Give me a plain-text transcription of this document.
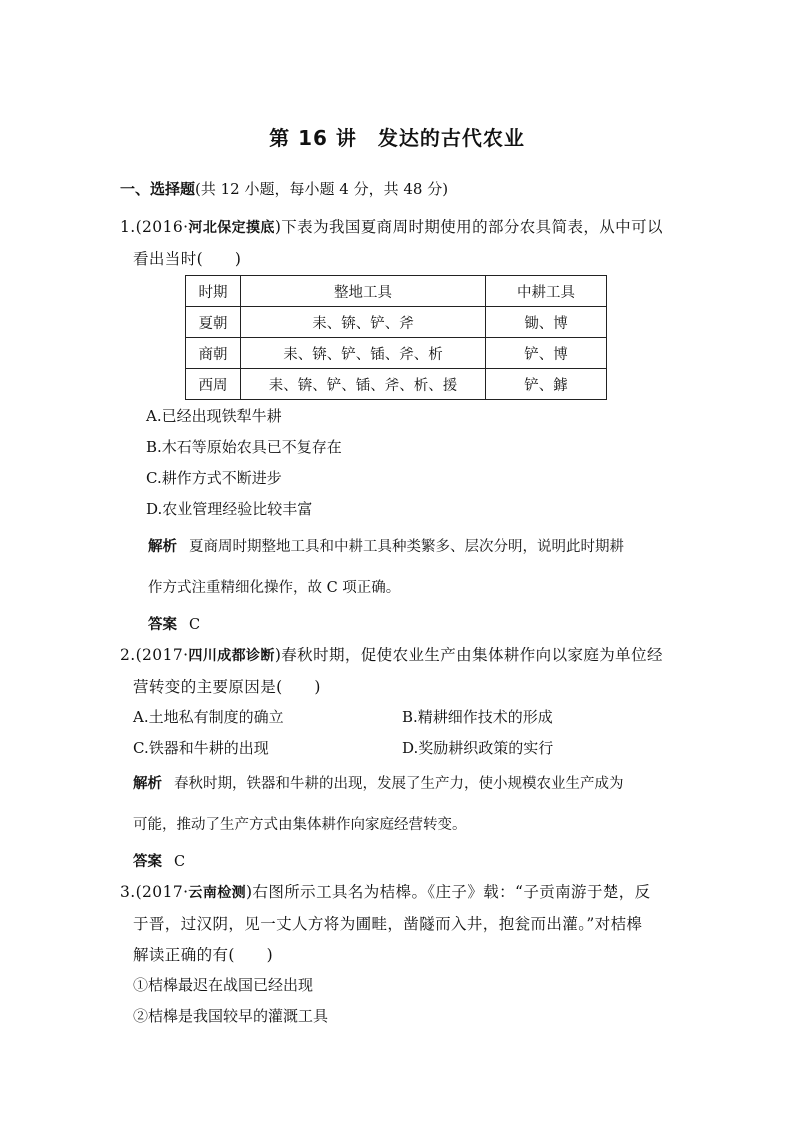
第 16 讲　发达的古代农业
一、选择题(共 12 小题，每小题 4 分，共 48 分)
1.(2016·河北保定摸底)下表为我国夏商周时期使用的部分农具简表，从中可以
看出当时(　　)
时期	整地工具	中耕工具
夏朝	耒、锛、铲、斧	锄、博
商朝	耒、锛、铲、锸、斧、析	铲、博
西周	耒、锛、铲、锸、斧、析、援	铲、鎼
A.已经出现铁犁牛耕
B.木石等原始农具已不复存在
C.耕作方式不断进步
D.农业管理经验比较丰富
解析 夏商周时期整地工具和中耕工具种类繁多、层次分明，说明此时期耕
作方式注重精细化操作，故 C 项正确。
答案 C
2.(2017·四川成都诊断)春秋时期，促使农业生产由集体耕作向以家庭为单位经
营转变的主要原因是(　　)
A.土地私有制度的确立	B.精耕细作技术的形成
C.铁器和牛耕的出现	D.奖励耕织政策的实行
解析 春秋时期，铁器和牛耕的出现，发展了生产力，使小规模农业生产成为
可能，推动了生产方式由集体耕作向家庭经营转变。
答案 C
3.(2017·云南检测)右图所示工具名为桔槔。《庄子》载：“子贡南游于楚，反
于晋，过汉阴，见一丈人方将为圃畦，凿隧而入井，抱瓮而出灌。”对桔槔
解读正确的有(　　)
①桔槔最迟在战国已经出现
②桔槔是我国较早的灌溉工具
